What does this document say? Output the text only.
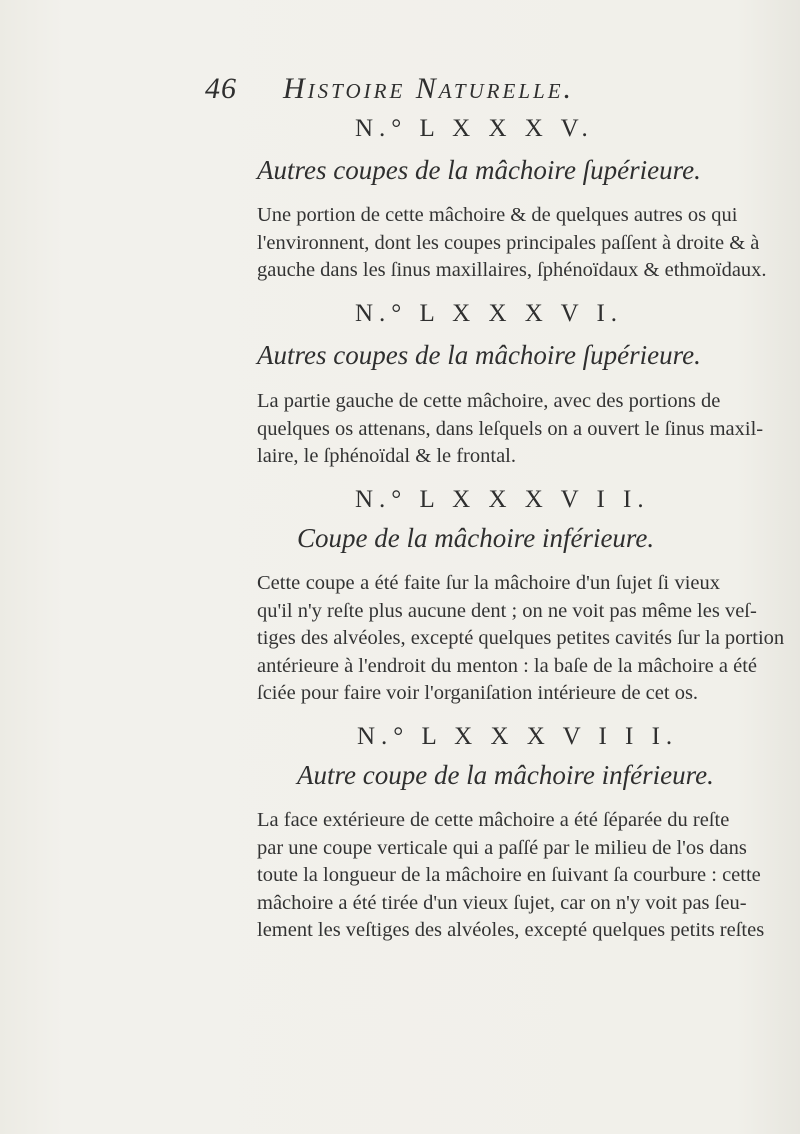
46 Histoire Naturelle.
N.° L X X X V.
Autres coupes de la mâchoire ſupérieure.
Une portion de cette mâchoire & de quelques autres os qui
l'environnent, dont les coupes principales paſſent à droite & à
gauche dans les ſinus maxillaires, ſphénoïdaux & ethmoïdaux.
N.° L X X X V I.
Autres coupes de la mâchoire ſupérieure.
La partie gauche de cette mâchoire, avec des portions de
quelques os attenans, dans leſquels on a ouvert le ſinus maxil-
laire, le ſphénoïdal & le frontal.
N.° L X X X V I I.
Coupe de la mâchoire inférieure.
Cette coupe a été faite ſur la mâchoire d'un ſujet ſi vieux
qu'il n'y reſte plus aucune dent ; on ne voit pas même les veſ-
tiges des alvéoles, excepté quelques petites cavités ſur la portion
antérieure à l'endroit du menton : la baſe de la mâchoire a été
ſciée pour faire voir l'organiſation intérieure de cet os.
N.° L X X X V I I I.
Autre coupe de la mâchoire inférieure.
La face extérieure de cette mâchoire a été ſéparée du reſte
par une coupe verticale qui a paſſé par le milieu de l'os dans
toute la longueur de la mâchoire en ſuivant ſa courbure : cette
mâchoire a été tirée d'un vieux ſujet, car on n'y voit pas ſeu-
lement les veſtiges des alvéoles, excepté quelques petits reſtes
